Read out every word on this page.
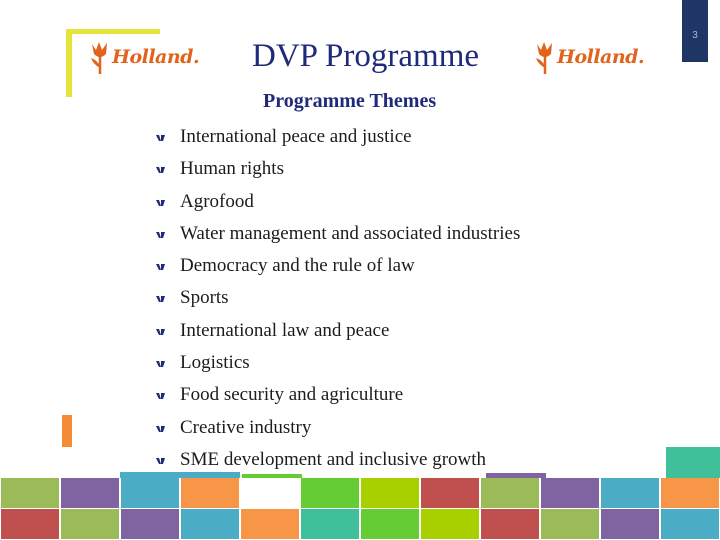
Holland.	Holland.
DVP Programme
Programme Themes
3
International peace and justice
Human rights
Agrofood
Water management and associated industries
Democracy and the rule of law
Sports
International law and peace
Logistics
Food security and agriculture
Creative industry
SME development and inclusive growth
